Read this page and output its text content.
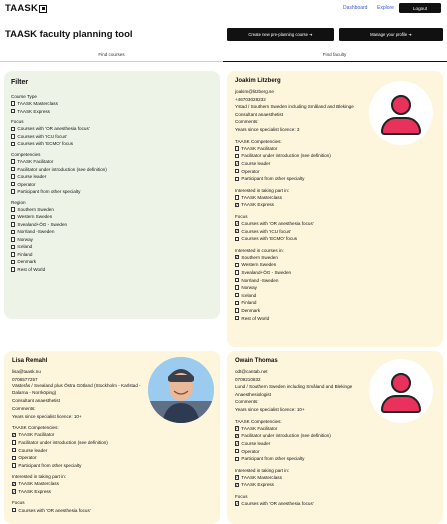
TAASK	Dashboard Explore	Logout
TAASK faculty planning tool	Create new pre-planning course ➜	Manage your profile ➜
Find courses	Find faculty
Filter
Course Type
TAASK Masterclass
TAASK Express
Focus
Courses with 'OR anesthesia focus'
Courses with 'ICU focus'
Courses with 'ECMO' focus
Competencies
TAASK Facilitator
Facilitator under introduction (see definition)
Course leader
Operator
Participant from other specialty
Region
Southern Sweden
Western Sweden
Svealand+ÖG - Sweden
Norrland -Sweden
Norway
Iceland
Finland
Denmark
Rest of World
Joakim Litzberg
joakim@litzberg.se
+46703028232
Ystad / Southern Sweden including Småland and Blekinge
Consultant anaesthetist
Comments:
Years since specialist licence: 3
TAASK Competencies:
TAASK Facilitator
Facilitator under introduction (see definition)
✓
Course leader
Operator
Participant from other specialty
Interested in taking part in:
TAASK Masterclass
✓
TAASK Express
Focus
✓
Courses with 'OR anesthesia focus'
✓
Courses with 'ICU focus'
Courses with 'ECMO' focus
Interested in courses in:
✓
Southern Sweden
Western Sweden
Svealand+ÖG - Sweden
Norrland -Sweden
Norway
Iceland
Finland
Denmark
Rest of World
Lisa Remahl
lisa@taask.nu
0706577257
Västerås / Svealand plus Östra Götland (Stockholm - Karlstad - Dalarna - Norrköping)
Consultant anaesthetist
Comments:
Years since specialist licence: 10+
TAASK Competencies:
✓
TAASK Facilitator
Facilitator under introduction (see definition)
Course leader
Operator
Participant from other specialty
Interested in taking part in:
✓
TAASK Masterclass
✓
TAASK Express
Focus
Courses with 'OR anesthesia focus'
Owain Thomas
odt@cantab.net
0709210832
Lund / Southern Sweden including Småland and Blekinge
Anaesthesiologist
Comments:
Years since specialist licence: 10+
TAASK Competencies:
✓
TAASK Facilitator
✓
Facilitator under introduction (see definition)
✓
Course leader
Operator
Participant from other specialty
Interested in taking part in:
✓
TAASK Masterclass
✓
TAASK Express
Focus
✓
Courses with 'OR anesthesia focus'
